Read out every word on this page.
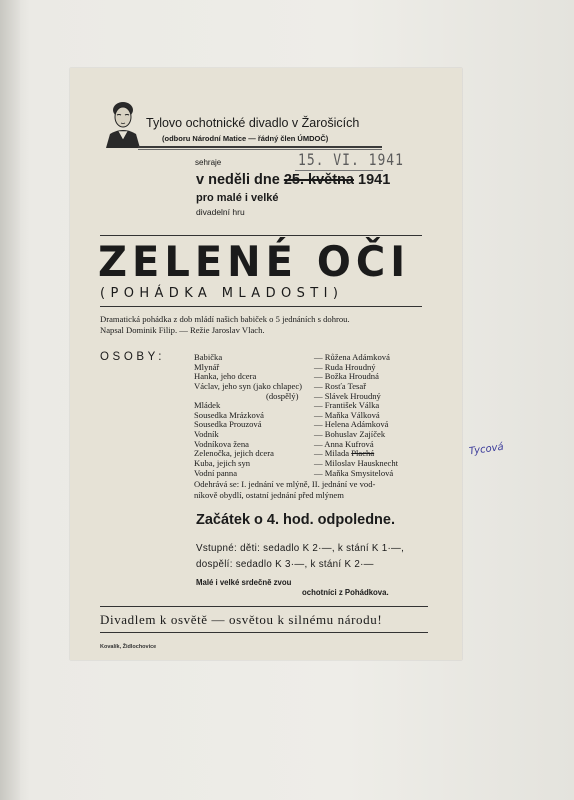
Tylovo ochotnické divadlo v Žarošicích
(odboru Národní Matice — řádný člen ÚMDOČ)
15. VI. 1941
sehraje
v neděli dne 25. května 1941
pro malé i velké
divadelní hru
ZELENÉ OČI
(POHÁDKA MLADOSTI)
Dramatická pohádka z dob mládí našich babiček o 5 jednáních s dohrou.
Napsal Dominik Filip. — Režie Jaroslav Vlach.
OSOBY:	Babička	— Růžena Adámková
Mlynář	— Ruda Hroudný
Hanka, jeho dcera	— Božka Hroudná
Václav, jeho syn (jako chlapec) — Rosťa Tesař
(dospělý) — Slávek Hroudný
Mládek	— František Válka
Sousedka Mrázková	— Maňka Válková
Sousedka Prouzová	— Helena Adámková
Vodník	— Bohuslav Zajíček
Vodníkova žena	— Anna Kufrová
Zelenočka, jejich dcera	— Milada Plachá	Tycová
Kuba, jejich syn	— Miloslav Hausknecht
Vodní panna	— Maňka Smysitelová
Odehrává se: I. jednání ve mlýně, II. jednání ve vod-
níkově obydlí, ostatní jednání před mlýnem
Začátek o 4. hod. odpoledne.
Vstupné: děti: sedadlo K 2·—, k stání K 1·—,
dospělí: sedadlo K 3·—, k stání K 2·—
Malé i velké srdečně zvou
ochotníci z Pohádkova.
Divadlem k osvětě — osvětou k silnému národu!
Kovalík, Židlochovice
